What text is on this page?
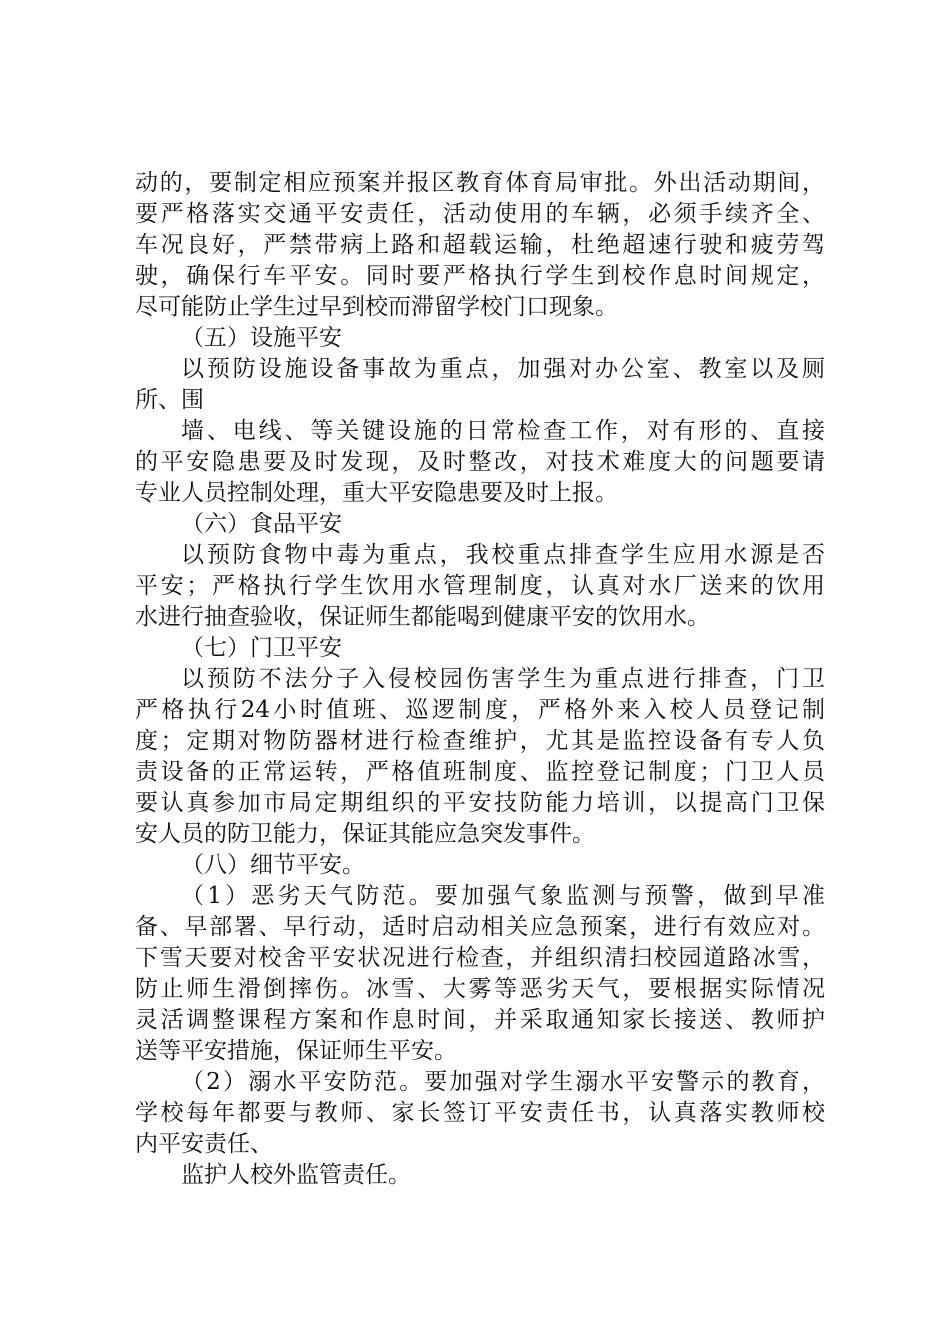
动的，要制定相应预案并报区教育体育局审批。外出活动期间，
要严格落实交通平安责任，活动使用的车辆，必须手续齐全、
车况良好，严禁带病上路和超载运输，杜绝超速行驶和疲劳驾
驶，确保行车平安。同时要严格执行学生到校作息时间规定，
尽可能防止学生过早到校而滞留学校门口现象。
（五）设施平安
以预防设施设备事故为重点，加强对办公室、教室以及厕
所、围
墙、电线、等关键设施的日常检查工作，对有形的、直接
的平安隐患要及时发现，及时整改，对技术难度大的问题要请
专业人员控制处理，重大平安隐患要及时上报。
（六）食品平安
以预防食物中毒为重点，我校重点排查学生应用水源是否
平安；严格执行学生饮用水管理制度，认真对水厂送来的饮用
水进行抽查验收，保证师生都能喝到健康平安的饮用水。
（七）门卫平安
以预防不法分子入侵校园伤害学生为重点进行排查，门卫
严格执行24小时值班、巡逻制度，严格外来入校人员登记制
度；定期对物防器材进行检查维护，尤其是监控设备有专人负
责设备的正常运转，严格值班制度、监控登记制度；门卫人员
要认真参加市局定期组织的平安技防能力培训，以提高门卫保
安人员的防卫能力，保证其能应急突发事件。
（八）细节平安。
（1）恶劣天气防范。要加强气象监测与预警，做到早准
备、早部署、早行动，适时启动相关应急预案，进行有效应对。
下雪天要对校舍平安状况进行检查，并组织清扫校园道路冰雪，
防止师生滑倒摔伤。冰雪、大雾等恶劣天气，要根据实际情况
灵活调整课程方案和作息时间，并采取通知家长接送、教师护
送等平安措施，保证师生平安。
（2）溺水平安防范。要加强对学生溺水平安警示的教育，
学校每年都要与教师、家长签订平安责任书，认真落实教师校
内平安责任、
监护人校外监管责任。
